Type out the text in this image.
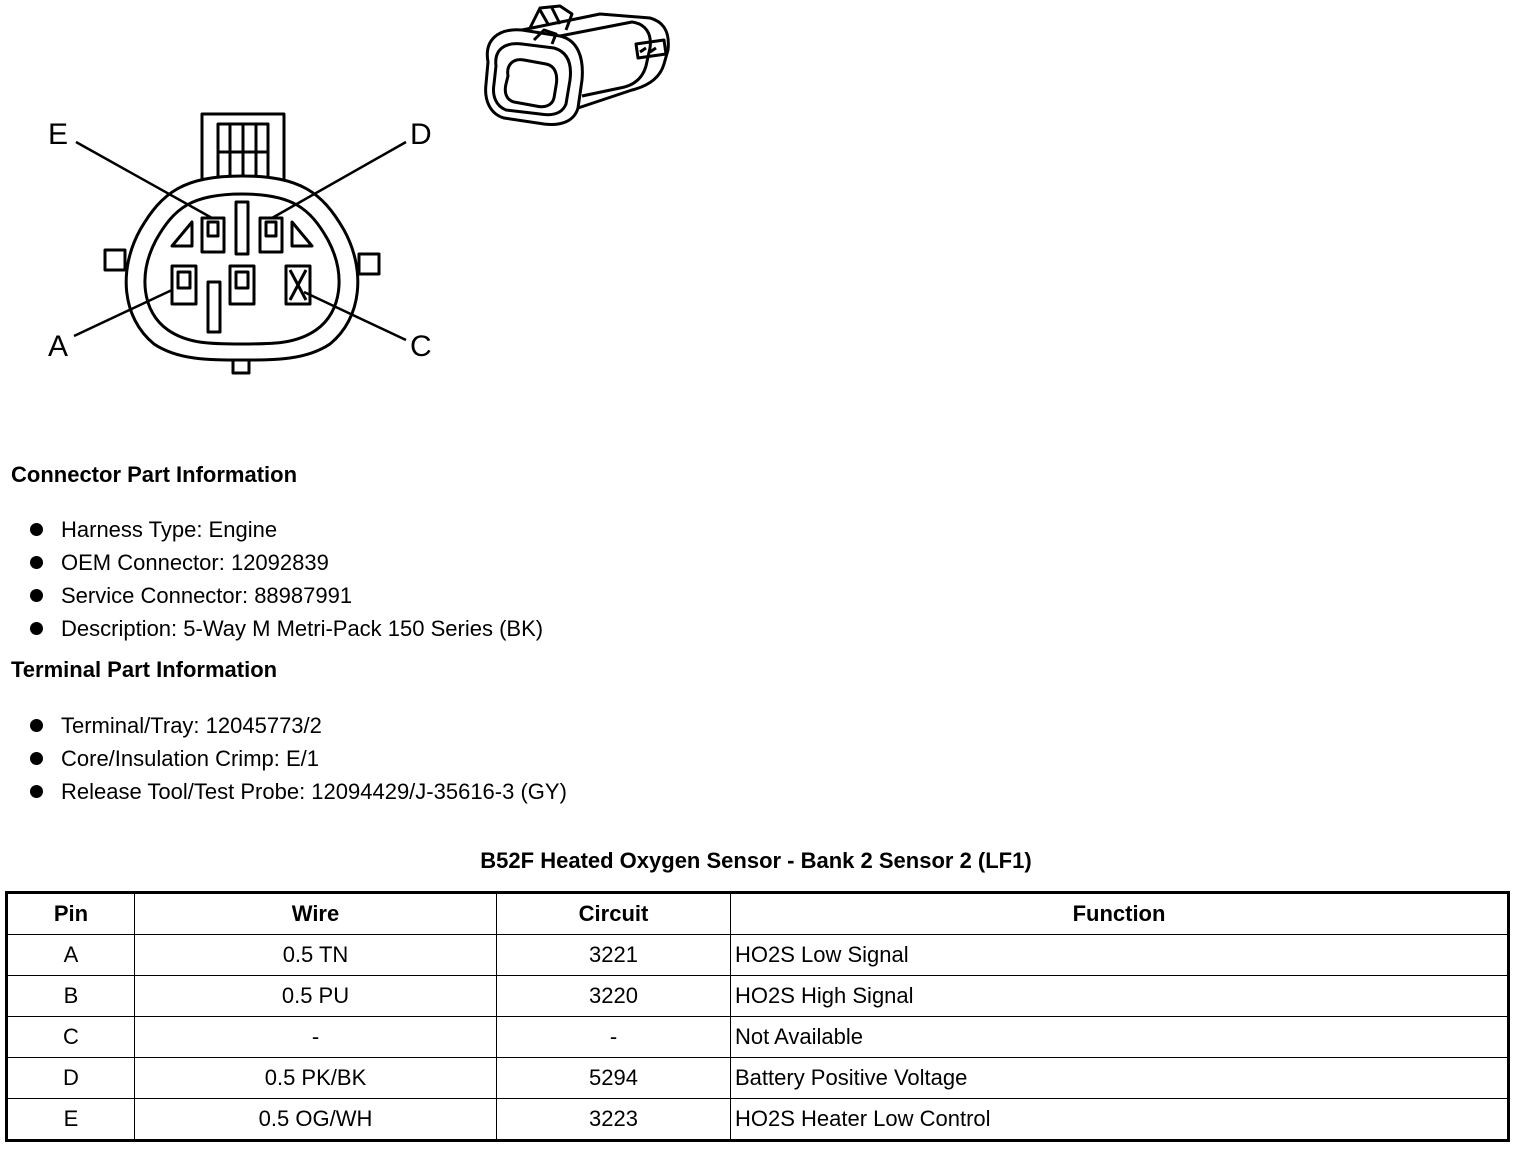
E	D
A	C
Connector Part Information
Harness Type: Engine
OEM Connector: 12092839
Service Connector: 88987991
Description: 5-Way M Metri-Pack 150 Series (BK)
Terminal Part Information
Terminal/Tray: 12045773/2
Core/Insulation Crimp: E/1
Release Tool/Test Probe: 12094429/J-35616-3 (GY)
B52F Heated Oxygen Sensor - Bank 2 Sensor 2 (LF1)
Pin	Wire	Circuit	Function
A	0.5 TN	3221	HO2S Low Signal
B	0.5 PU	3220	HO2S High Signal
C	-	-	Not Available
D	0.5 PK/BK	5294	Battery Positive Voltage
E	0.5 OG/WH	3223	HO2S Heater Low Control
